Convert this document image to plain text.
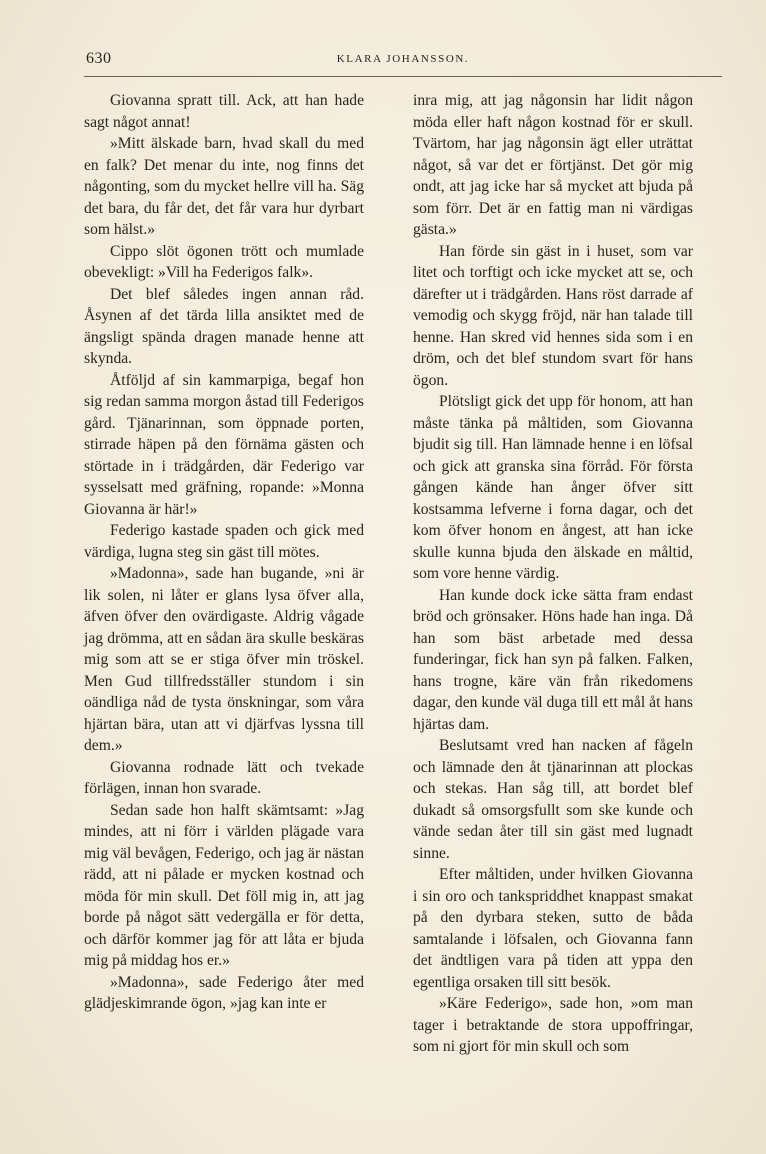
630	KLARA JOHANSSON.

Giovanna spratt till. Ack, att han hade sagt något annat!

»Mitt älskade barn, hvad skall du med en falk? Det menar du inte, nog finns det någonting, som du mycket hellre vill ha. Säg det bara, du får det, det får vara hur dyrbart som hälst.»

Cippo slöt ögonen trött och mumlade obevekligt: »Vill ha Federigos falk».

Det blef således ingen annan råd. Åsynen af det tärda lilla ansiktet med de ängsligt spända dragen manade henne att skynda.

Åtföljd af sin kammarpiga, begaf hon sig redan samma morgon åstad till Federigos gård. Tjänarinnan, som öppnade porten, stirrade häpen på den förnäma gästen och störtade in i trädgården, där Federigo var sysselsatt med gräfning, ropande: »Monna Giovanna är här!»

Federigo kastade spaden och gick med värdiga, lugna steg sin gäst till mötes.

»Madonna», sade han bugande, »ni är lik solen, ni låter er glans lysa öfver alla, äfven öfver den ovärdigaste. Aldrig vågade jag drömma, att en sådan ära skulle beskäras mig som att se er stiga öfver min tröskel. Men Gud tillfredsställer stundom i sin oändliga nåd de tysta önskningar, som våra hjärtan bära, utan att vi djärfvas lyssna till dem.»

Giovanna rodnade lätt och tvekade förlägen, innan hon svarade.

Sedan sade hon halft skämtsamt: »Jag mindes, att ni förr i världen plägade vara mig väl bevågen, Federigo, och jag är nästan rädd, att ni pålade er mycken kostnad och möda för min skull. Det föll mig in, att jag borde på något sätt vedergälla er för detta, och därför kommer jag för att låta er bjuda mig på middag hos er.»

»Madonna», sade Federigo åter med glädjeskimrande ögon, »jag kan inte er

inra mig, att jag någonsin har lidit någon möda eller haft någon kostnad för er skull. Tvärtom, har jag någonsin ägt eller uträttat något, så var det er förtjänst. Det gör mig ondt, att jag icke har så mycket att bjuda på som förr. Det är en fattig man ni värdigas gästa.»

Han förde sin gäst in i huset, som var litet och torftigt och icke mycket att se, och därefter ut i trädgården. Hans röst darrade af vemodig och skygg fröjd, när han talade till henne. Han skred vid hennes sida som i en dröm, och det blef stundom svart för hans ögon.

Plötsligt gick det upp för honom, att han måste tänka på måltiden, som Giovanna bjudit sig till. Han lämnade henne i en löfsal och gick att granska sina förråd. För första gången kände han ånger öfver sitt kostsamma lefverne i forna dagar, och det kom öfver honom en ångest, att han icke skulle kunna bjuda den älskade en måltid, som vore henne värdig.

Han kunde dock icke sätta fram endast bröd och grönsaker. Höns hade han inga. Då han som bäst arbetade med dessa funderingar, fick han syn på falken. Falken, hans trogne, käre vän från rikedomens dagar, den kunde väl duga till ett mål åt hans hjärtas dam.

Beslutsamt vred han nacken af fågeln och lämnade den åt tjänarinnan att plockas och stekas. Han såg till, att bordet blef dukadt så omsorgsfullt som ske kunde och vände sedan åter till sin gäst med lugnadt sinne.

Efter måltiden, under hvilken Giovanna i sin oro och tankspriddhet knappast smakat på den dyrbara steken, sutto de båda samtalande i löfsalen, och Giovanna fann det ändtligen vara på tiden att yppa den egentliga orsaken till sitt besök.

»Käre Federigo», sade hon, »om man tager i betraktande de stora uppoffringar, som ni gjort för min skull och som
